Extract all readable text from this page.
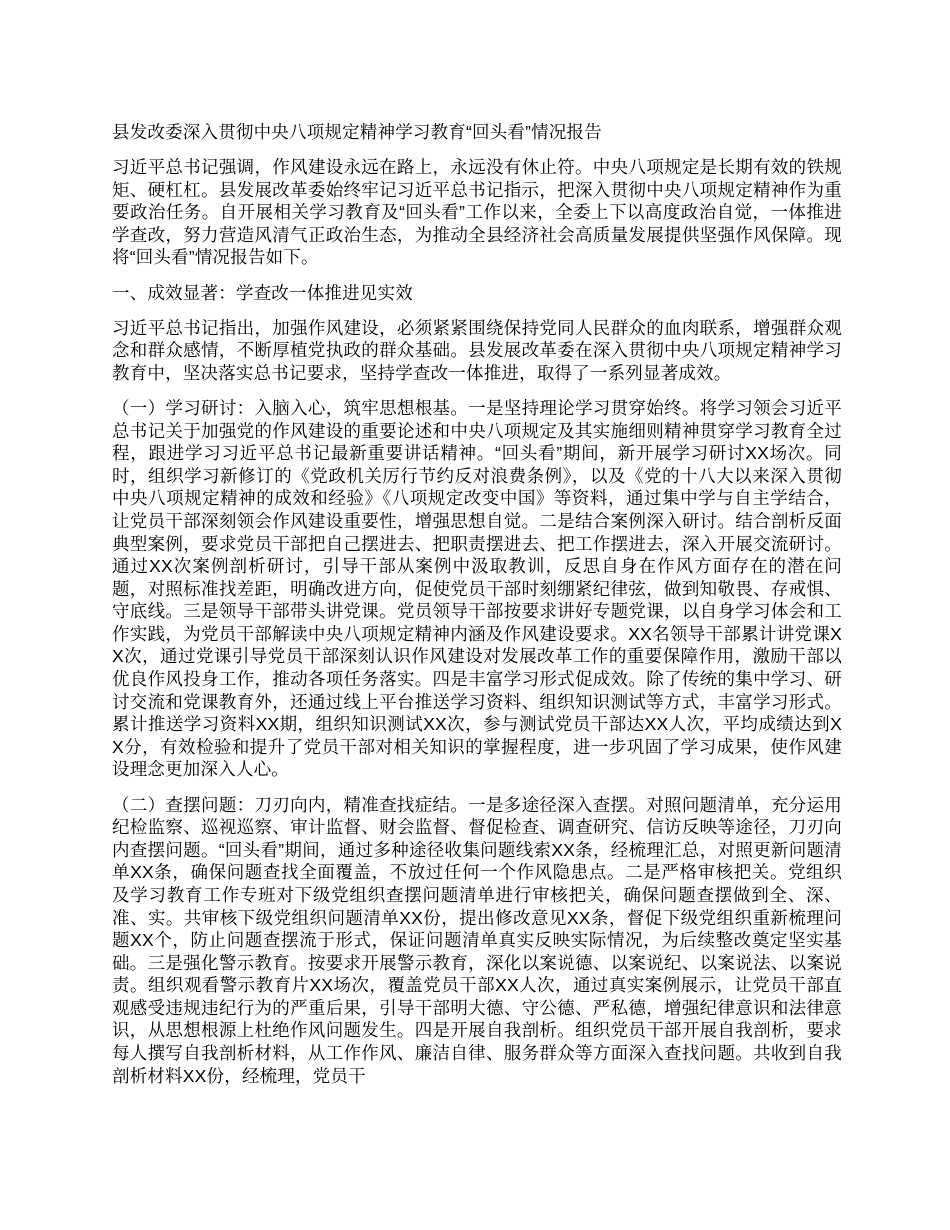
县发改委深入贯彻中央八项规定精神学习教育“回头看”情况报告
习近平总书记强调，作风建设永远在路上，永远没有休止符。中央八项规定是长期有效的铁规矩、硬杠杠。县发展改革委始终牢记习近平总书记指示，把深入贯彻中央八项规定精神作为重要政治任务。自开展相关学习教育及“回头看”工作以来，全委上下以高度政治自觉，一体推进学查改，努力营造风清气正政治生态，为推动全县经济社会高质量发展提供坚强作风保障。现将“回头看”情况报告如下。
一、成效显著：学查改一体推进见实效
习近平总书记指出，加强作风建设，必须紧紧围绕保持党同人民群众的血肉联系，增强群众观念和群众感情，不断厚植党执政的群众基础。县发展改革委在深入贯彻中央八项规定精神学习教育中，坚决落实总书记要求，坚持学查改一体推进，取得了一系列显著成效。
（一）学习研讨：入脑入心，筑牢思想根基。一是坚持理论学习贯穿始终。将学习领会习近平总书记关于加强党的作风建设的重要论述和中央八项规定及其实施细则精神贯穿学习教育全过程，跟进学习习近平总书记最新重要讲话精神。“回头看”期间，新开展学习研讨XX场次。同时，组织学习新修订的《党政机关厉行节约反对浪费条例》，以及《党的十八大以来深入贯彻中央八项规定精神的成效和经验》《八项规定改变中国》等资料，通过集中学与自主学结合，让党员干部深刻领会作风建设重要性，增强思想自觉。二是结合案例深入研讨。结合剖析反面典型案例，要求党员干部把自己摆进去、把职责摆进去、把工作摆进去，深入开展交流研讨。通过XX次案例剖析研讨，引导干部从案例中汲取教训，反思自身在作风方面存在的潜在问题，对照标准找差距，明确改进方向，促使党员干部时刻绷紧纪律弦，做到知敬畏、存戒惧、守底线。三是领导干部带头讲党课。党员领导干部按要求讲好专题党课，以自身学习体会和工作实践，为党员干部解读中央八项规定精神内涵及作风建设要求。XX名领导干部累计讲党课XX次，通过党课引导党员干部深刻认识作风建设对发展改革工作的重要保障作用，激励干部以优良作风投身工作，推动各项任务落实。四是丰富学习形式促成效。除了传统的集中学习、研讨交流和党课教育外，还通过线上平台推送学习资料、组织知识测试等方式，丰富学习形式。累计推送学习资料XX期，组织知识测试XX次，参与测试党员干部达XX人次，平均成绩达到XX分，有效检验和提升了党员干部对相关知识的掌握程度，进一步巩固了学习成果，使作风建设理念更加深入人心。
（二）查摆问题：刀刃向内，精准查找症结。一是多途径深入查摆。对照问题清单，充分运用纪检监察、巡视巡察、审计监督、财会监督、督促检查、调查研究、信访反映等途径，刀刃向内查摆问题。“回头看”期间，通过多种途径收集问题线索XX条，经梳理汇总，对照更新问题清单XX条，确保问题查找全面覆盖，不放过任何一个作风隐患点。二是严格审核把关。党组织及学习教育工作专班对下级党组织查摆问题清单进行审核把关，确保问题查摆做到全、深、准、实。共审核下级党组织问题清单XX份，提出修改意见XX条，督促下级党组织重新梳理问题XX个，防止问题查摆流于形式，保证问题清单真实反映实际情况，为后续整改奠定坚实基础。三是强化警示教育。按要求开展警示教育，深化以案说德、以案说纪、以案说法、以案说责。组织观看警示教育片XX场次，覆盖党员干部XX人次，通过真实案例展示，让党员干部直观感受违规违纪行为的严重后果，引导干部明大德、守公德、严私德，增强纪律意识和法律意识，从思想根源上杜绝作风问题发生。四是开展自我剖析。组织党员干部开展自我剖析，要求每人撰写自我剖析材料，从工作作风、廉洁自律、服务群众等方面深入查找问题。共收到自我剖析材料XX份，经梳理，党员干
